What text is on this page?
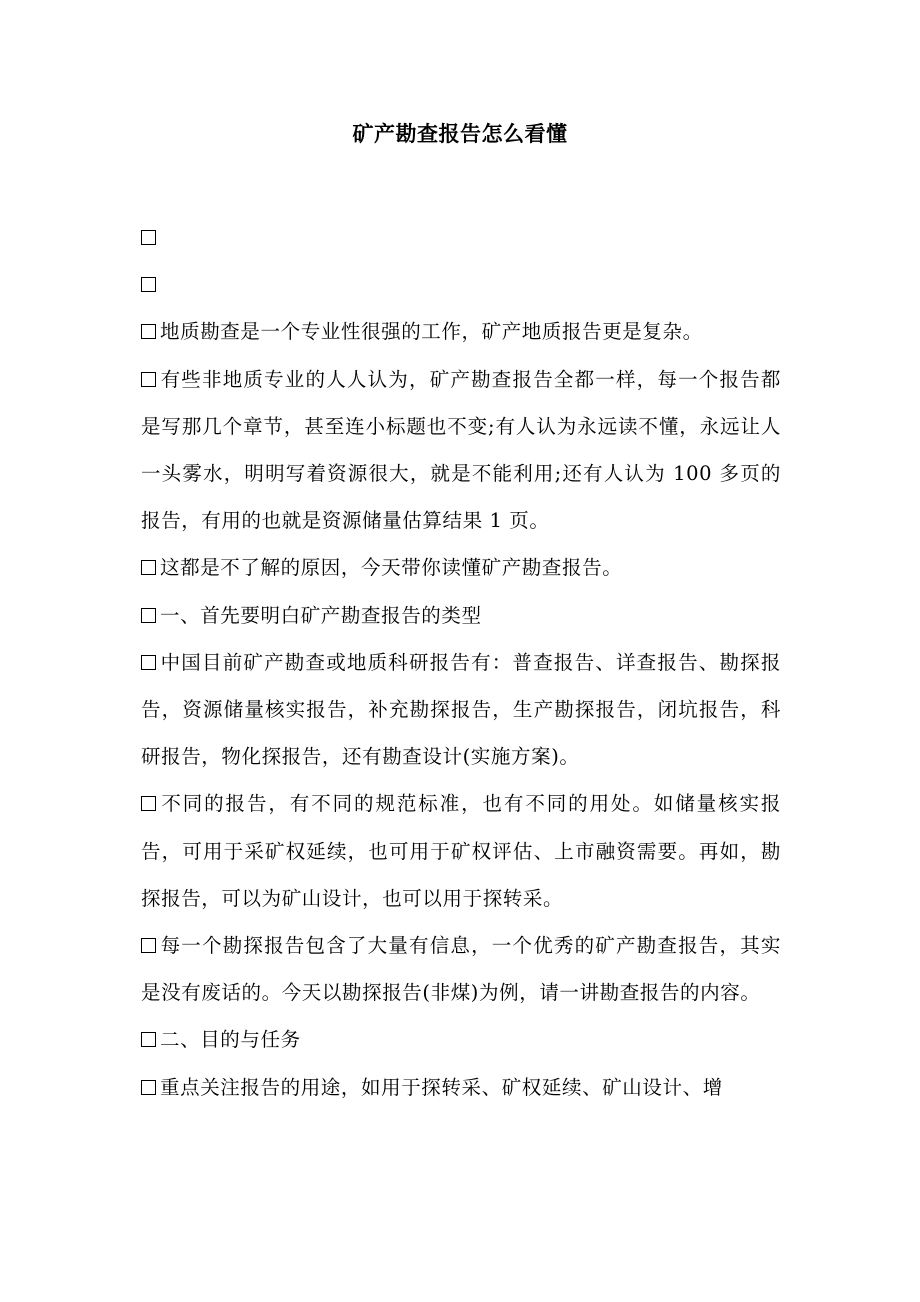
矿产勘查报告怎么看懂

地质勘查是一个专业性很强的工作，矿产地质报告更是复杂。

有些非地质专业的人人认为，矿产勘查报告全都一样，每一个报告都是写那几个章节，甚至连小标题也不变;有人认为永远读不懂，永远让人一头雾水，明明写着资源很大，就是不能利用;还有人认为 100 多页的报告，有用的也就是资源储量估算结果 1 页。

这都是不了解的原因，今天带你读懂矿产勘查报告。

一、首先要明白矿产勘查报告的类型

中国目前矿产勘查或地质科研报告有：普查报告、详查报告、勘探报告，资源储量核实报告，补充勘探报告，生产勘探报告，闭坑报告，科研报告，物化探报告，还有勘查设计(实施方案)。

不同的报告，有不同的规范标准，也有不同的用处。如储量核实报告，可用于采矿权延续，也可用于矿权评估、上市融资需要。再如，勘探报告，可以为矿山设计，也可以用于探转采。

每一个勘探报告包含了大量有信息，一个优秀的矿产勘查报告，其实是没有废话的。今天以勘探报告(非煤)为例，请一讲勘查报告的内容。

二、目的与任务

重点关注报告的用途，如用于探转采、矿权延续、矿山设计、增
